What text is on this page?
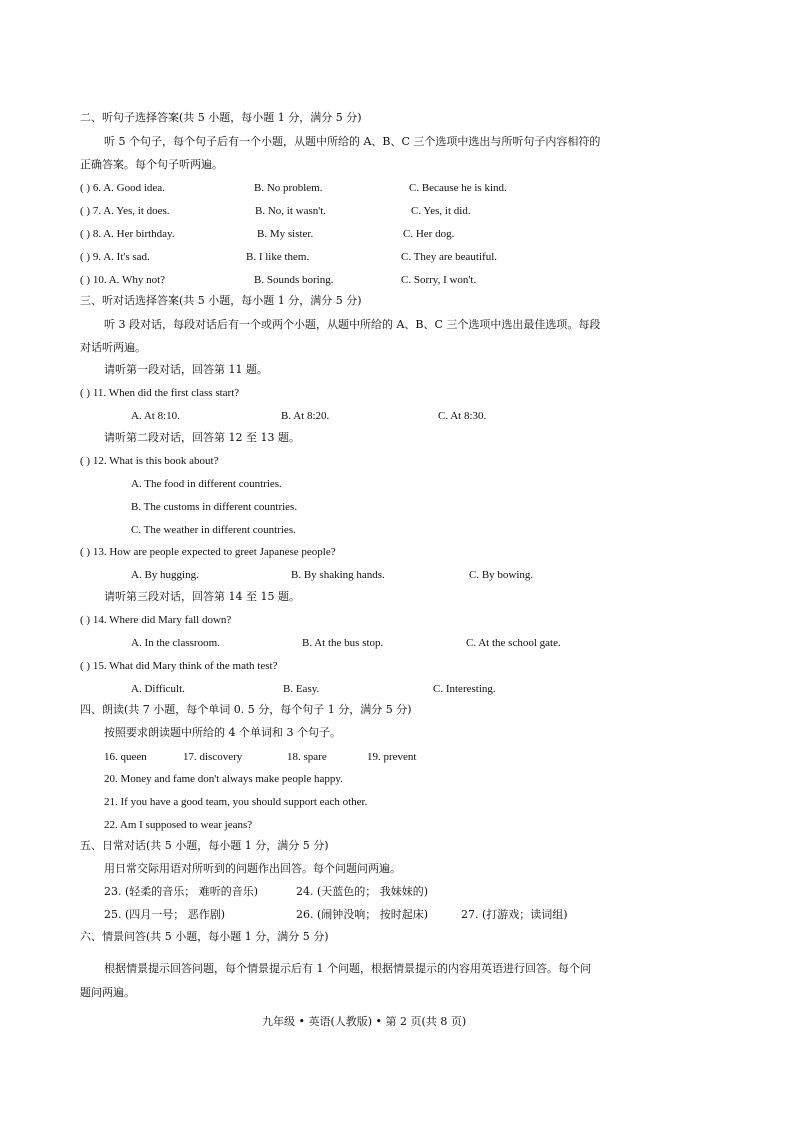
二、听句子选择答案(共 5 小题，每小题 1 分，满分 5 分)
听 5 个句子，每个句子后有一个小题，从题中所给的 A、B、C 三个选项中选出与所听句子内容相符的
正确答案。每个句子听两遍。
( ) 6. A. Good idea.	B. No problem.	C. Because he is kind.
( ) 7. A. Yes, it does.	B. No, it wasn't.	C. Yes, it did.
( ) 8. A. Her birthday.	B. My sister.	C. Her dog.
( ) 9. A. It's sad.	B. I like them.	C. They are beautiful.
( ) 10. A. Why not?	B. Sounds boring.	C. Sorry, I won't.
三、听对话选择答案(共 5 小题，每小题 1 分，满分 5 分)
听 3 段对话，每段对话后有一个或两个小题，从题中所给的 A、B、C 三个选项中选出最佳选项。每段
对话听两遍。
请听第一段对话，回答第 11 题。
( ) 11. When did the first class start?
A. At 8:10.	B. At 8:20.	C. At 8:30.
请听第二段对话，回答第 12 至 13 题。
( ) 12. What is this book about?
A. The food in different countries.
B. The customs in different countries.
C. The weather in different countries.
( ) 13. How are people expected to greet Japanese people?
A. By hugging.	B. By shaking hands.	C. By bowing.
请听第三段对话，回答第 14 至 15 题。
( ) 14. Where did Mary fall down?
A. In the classroom.	B. At the bus stop.	C. At the school gate.
( ) 15. What did Mary think of the math test?
A. Difficult.	B. Easy.	C. Interesting.
四、朗读(共 7 小题，每个单词 0. 5 分，每个句子 1 分，满分 5 分)
按照要求朗读题中所给的 4 个单词和 3 个句子。
16. queen	17. discovery	18. spare	19. prevent
20. Money and fame don't always make people happy.
21. If you have a good team, you should support each other.
22. Am I supposed to wear jeans?
五、日常对话(共 5 小题，每小题 1 分，满分 5 分)
用日常交际用语对所听到的问题作出回答。每个问题问两遍。
23. (轻柔的音乐； 难听的音乐)	24. (天蓝色的； 我妹妹的)
25. (四月一号； 恶作剧)	26. (闹钟没响； 按时起床)	27. (打游戏；读词组)
六、情景问答(共 5 小题，每小题 1 分，满分 5 分)
根据情景提示回答问题，每个情景提示后有 1 个问题，根据情景提示的内容用英语进行回答。每个问
题问两遍。
九年级 • 英语(人教版) • 第 2 页(共 8 页)
